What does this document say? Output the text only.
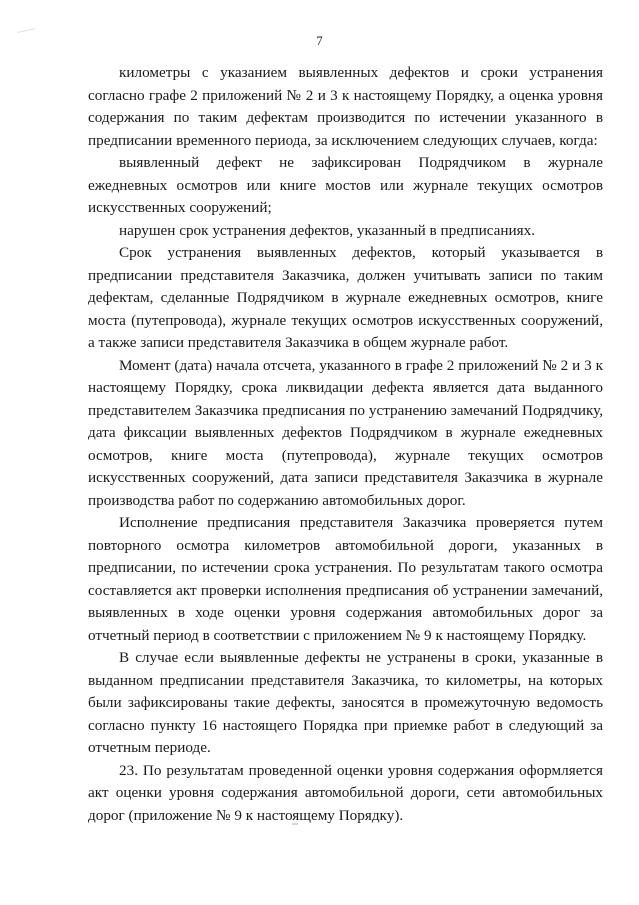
7

километры с указанием выявленных дефектов и сроки устранения согласно графе 2 приложений № 2 и 3 к настоящему Порядку, а оценка уровня содержания по таким дефектам производится по истечении указанного в предписании временного периода, за исключением следующих случаев, когда:

выявленный дефект не зафиксирован Подрядчиком в журнале ежедневных осмотров или книге мостов или журнале текущих осмотров искусственных сооружений;

нарушен срок устранения дефектов, указанный в предписаниях.

Срок устранения выявленных дефектов, который указывается в предписании представителя Заказчика, должен учитывать записи по таким дефектам, сделанные Подрядчиком в журнале ежедневных осмотров, книге моста (путепровода), журнале текущих осмотров искусственных сооружений, а также записи представителя Заказчика в общем журнале работ.

Момент (дата) начала отсчета, указанного в графе 2 приложений № 2 и 3 к настоящему Порядку, срока ликвидации дефекта является дата выданного представителем Заказчика предписания по устранению замечаний Подрядчику, дата фиксации выявленных дефектов Подрядчиком в журнале ежедневных осмотров, книге моста (путепровода), журнале текущих осмотров искусственных сооружений, дата записи представителя Заказчика в журнале производства работ по содержанию автомобильных дорог.

Исполнение предписания представителя Заказчика проверяется путем повторного осмотра километров автомобильной дороги, указанных в предписании, по истечении срока устранения. По результатам такого осмотра составляется акт проверки исполнения предписания об устранении замечаний, выявленных в ходе оценки уровня содержания автомобильных дорог за отчетный период в соответствии с приложением № 9 к настоящему Порядку.

В случае если выявленные дефекты не устранены в сроки, указанные в выданном предписании представителя Заказчика, то километры, на которых были зафиксированы такие дефекты, заносятся в промежуточную ведомость согласно пункту 16 настоящего Порядка при приемке работ в следующий за отчетным периоде.

23. По результатам проведенной оценки уровня содержания оформляется акт оценки уровня содержания автомобильной дороги, сети автомобильных дорог (приложение № 9 к настоящему Порядку).
